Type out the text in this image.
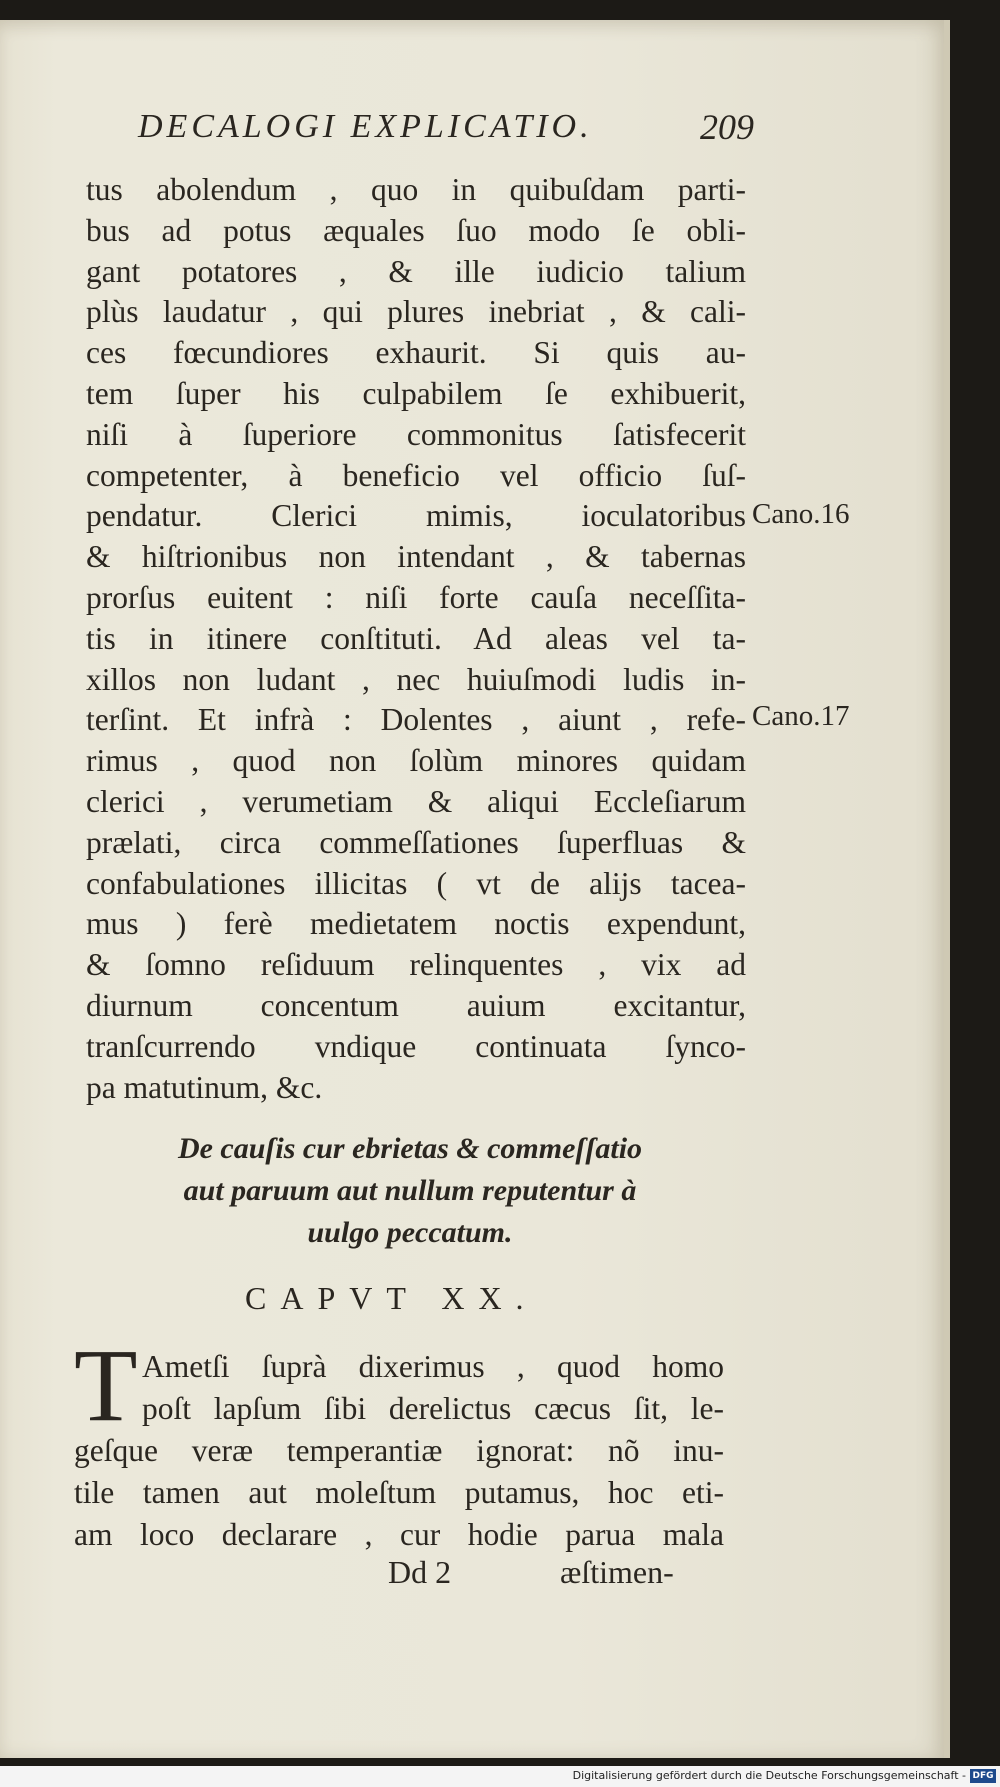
DECALOGI EXPLICATIO.	209
tus abolendum , quo in quibuſdam parti-
bus ad potus æquales ſuo modo ſe obli-
gant potatores , & ille iudicio talium
plùs laudatur , qui plures inebriat , & cali-
ces fœcundiores exhaurit. Si quis au-
tem ſuper his culpabilem ſe exhibuerit,
niſi à ſuperiore commonitus ſatisfecerit
competenter, à beneficio vel officio ſuſ-
pendatur. Clerici mimis, ioculatoribus
& hiſtrionibus non intendant , & tabernas
prorſus euitent : niſi forte cauſa neceſſita-
tis in itinere conſtituti. Ad aleas vel ta-
xillos non ludant , nec huiuſmodi ludis in-
terſint. Et infrà : Dolentes , aiunt , refe-
rimus , quod non ſolùm minores quidam
clerici , verumetiam & aliqui Eccleſiarum
prælati, circa commeſſationes ſuperfluas &
confabulationes illicitas ( vt de alijs tacea-
mus ) ferè medietatem noctis expendunt,
& ſomno reſiduum relinquentes , vix ad
diurnum concentum auium excitantur,
tranſcurrendo vndique continuata ſynco-
pa matutinum, &c.
Cano.16
Cano.17
De cauſis cur ebrietas & commeſſatio
aut paruum aut nullum reputentur à
uulgo peccatum.
CAPVT XX.
T Ametſi ſuprà dixerimus , quod homo
poſt lapſum ſibi derelictus cæcus ſit, le-
geſque veræ temperantiæ ignorat: nõ inu-
tile tamen aut moleſtum putamus, hoc eti-
am loco declarare , cur hodie parua mala
Dd 2	æſtimen-
Digitalisierung gefördert durch die Deutsche Forschungsgemeinschaft - DFG
